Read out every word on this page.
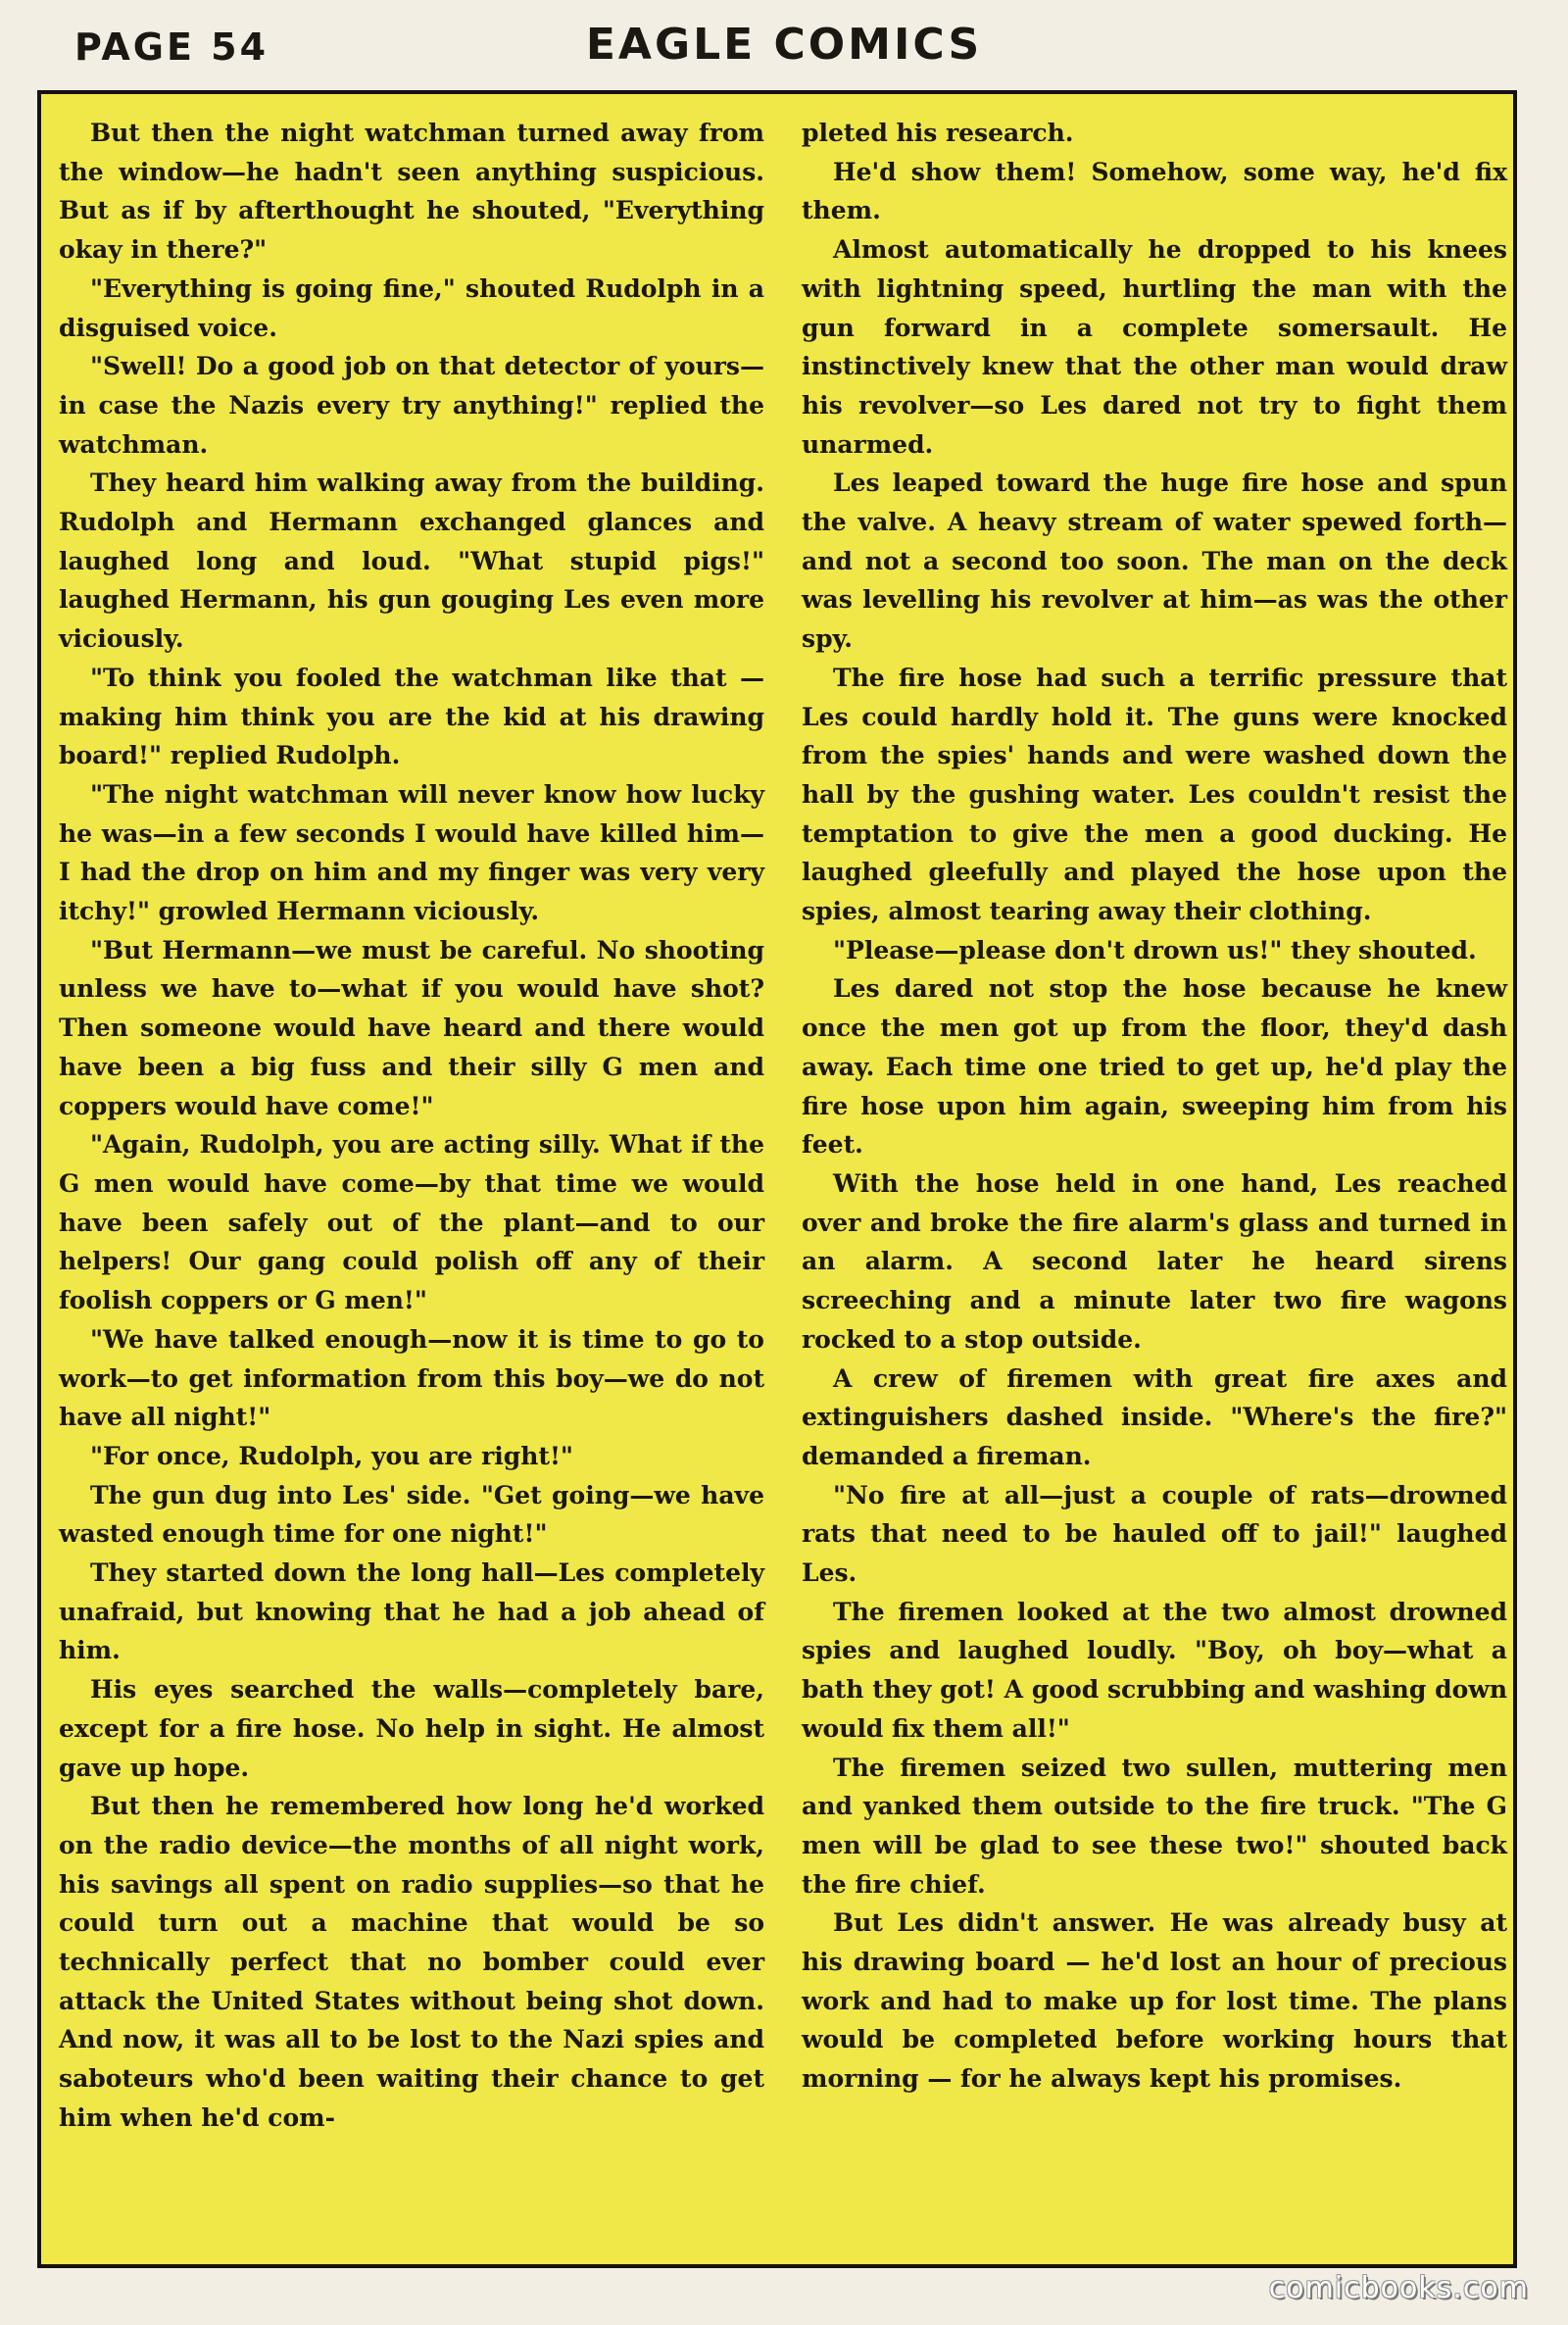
PAGE 54	EAGLE COMICS

But then the night watchman turned away from the window—he hadn't seen anything suspicious. But as if by afterthought he shouted, "Everything okay in there?"

"Everything is going fine," shouted Rudolph in a disguised voice.

"Swell! Do a good job on that detector of yours—in case the Nazis every try anything!" replied the watchman.

They heard him walking away from the building. Rudolph and Hermann exchanged glances and laughed long and loud. "What stupid pigs!" laughed Hermann, his gun gouging Les even more viciously.

"To think you fooled the watchman like that —making him think you are the kid at his drawing board!" replied Rudolph.

"The night watchman will never know how lucky he was—in a few seconds I would have killed him—I had the drop on him and my finger was very very itchy!" growled Hermann viciously.

"But Hermann—we must be careful. No shooting unless we have to—what if you would have shot? Then someone would have heard and there would have been a big fuss and their silly G men and coppers would have come!"

"Again, Rudolph, you are acting silly. What if the G men would have come—by that time we would have been safely out of the plant—and to our helpers! Our gang could polish off any of their foolish coppers or G men!"

"We have talked enough—now it is time to go to work—to get information from this boy—we do not have all night!"

"For once, Rudolph, you are right!"

The gun dug into Les' side. "Get going—we have wasted enough time for one night!"

They started down the long hall—Les completely unafraid, but knowing that he had a job ahead of him.

His eyes searched the walls—completely bare, except for a fire hose. No help in sight. He almost gave up hope.

But then he remembered how long he'd worked on the radio device—the months of all night work, his savings all spent on radio supplies—so that he could turn out a machine that would be so technically perfect that no bomber could ever attack the United States without being shot down. And now, it was all to be lost to the Nazi spies and saboteurs who'd been waiting their chance to get him when he'd com-

pleted his research.

He'd show them! Somehow, some way, he'd fix them.

Almost automatically he dropped to his knees with lightning speed, hurtling the man with the gun forward in a complete somersault. He instinctively knew that the other man would draw his revolver—so Les dared not try to fight them unarmed.

Les leaped toward the huge fire hose and spun the valve. A heavy stream of water spewed forth—and not a second too soon. The man on the deck was levelling his revolver at him—as was the other spy.

The fire hose had such a terrific pressure that Les could hardly hold it. The guns were knocked from the spies' hands and were washed down the hall by the gushing water. Les couldn't resist the temptation to give the men a good ducking. He laughed gleefully and played the hose upon the spies, almost tearing away their clothing.

"Please—please don't drown us!" they shouted.

Les dared not stop the hose because he knew once the men got up from the floor, they'd dash away. Each time one tried to get up, he'd play the fire hose upon him again, sweeping him from his feet.

With the hose held in one hand, Les reached over and broke the fire alarm's glass and turned in an alarm. A second later he heard sirens screeching and a minute later two fire wagons rocked to a stop outside.

A crew of firemen with great fire axes and extinguishers dashed inside. "Where's the fire?" demanded a fireman.

"No fire at all—just a couple of rats—drowned rats that need to be hauled off to jail!" laughed Les.

The firemen looked at the two almost drowned spies and laughed loudly. "Boy, oh boy—what a bath they got! A good scrubbing and washing down would fix them all!"

The firemen seized two sullen, muttering men and yanked them outside to the fire truck. "The G men will be glad to see these two!" shouted back the fire chief.

But Les didn't answer. He was already busy at his drawing board — he'd lost an hour of precious work and had to make up for lost time. The plans would be completed before working hours that morning — for he always kept his promises.

comicbooks.com
